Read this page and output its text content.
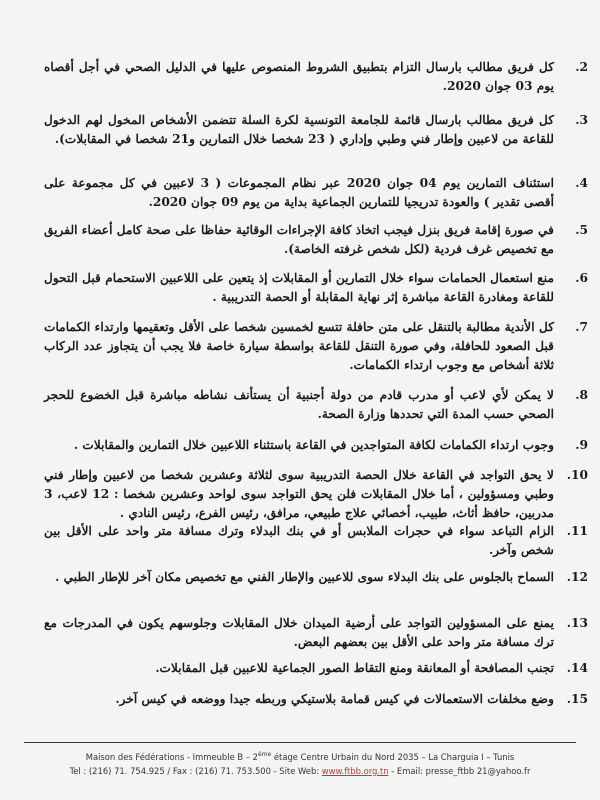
.2
كل فريق مطالب بارسال التزام بتطبيق الشروط المنصوص عليها في الدليل الصحي في أجل أقصاه يوم 03 جوان 2020.
.3
كل فريق مطالب بارسال قائمة للجامعة التونسية لكرة السلة تتضمن الأشخاص المخول لهم الدخول للقاعة من لاعبين وإطار فني وطبي وإداري ( 23 شخصا خلال التمارين و21 شخصا في المقابلات).
.4
استئناف التمارين يوم 04 جوان 2020 عبر نظام المجموعات ( 3 لاعبين في كل مجموعة على أقصى تقدير ) والعودة تدريجيا للتمارين الجماعية بداية من يوم 09 جوان 2020.
.5
في صورة إقامة فريق بنزل فيجب اتخاذ كافة الإجراءات الوقائية حفاظا على صحة كامل أعضاء الفريق مع تخصيص غرف فردية (لكل شخص غرفته الخاصة).
.6
منع استعمال الحمامات سواء خلال التمارين أو المقابلات إذ يتعين على اللاعبين الاستحمام قبل التحول للقاعة ومغادرة القاعة مباشرة إثر نهاية المقابلة أو الحصة التدريبية .
.7
كل الأندية مطالبة بالتنقل على متن حافلة تتسع لخمسين شخصا على الأقل وتعقيمها وارتداء الكمامات قبل الصعود للحافلة، وفي صورة التنقل للقاعة بواسطة سيارة خاصة فلا يجب أن يتجاوز عدد الركاب ثلاثة أشخاص مع وجوب ارتداء الكمامات.
.8
لا يمكن لأي لاعب أو مدرب قادم من دولة أجنبية أن يستأنف نشاطه مباشرة قبل الخضوع للحجر الصحي حسب المدة التي تحددها وزارة الصحة.
.9
وجوب ارتداء الكمامات لكافة المتواجدين في القاعة باستثناء اللاعبين خلال التمارين والمقابلات .
.10
لا يحق التواجد في القاعة خلال الحصة التدريبية سوى لثلاثة وعشرين شخصا من لاعبين وإطار فني وطبي ومسؤولين ، أما خلال المقابلات فلن يحق التواجد سوى لواحد وعشرين شخصا : 12 لاعب، 3 مدربين، حافظ أثاث، طبيب، أخصائي علاج طبيعي، مرافق، رئيس الفرع، رئيس النادي .
.11
الزام التباعد سواء في حجرات الملابس أو في بنك البدلاء وترك مسافة متر واحد على الأقل بين شخص وآخر.
.12
السماح بالجلوس على بنك البدلاء سوى للاعبين والإطار الفني مع تخصيص مكان آخر للإطار الطبي .
.13
يمنع على المسؤولين التواجد على أرضية الميدان خلال المقابلات وجلوسهم يكون في المدرجات مع ترك مسافة متر واحد على الأقل بين بعضهم البعض.
.14
تجنب المصافحة أو المعانقة ومنع التقاط الصور الجماعية للاعبين قبل المقابلات.
.15
وضع مخلفات الاستعمالات في كيس قمامة بلاستيكي وربطه جيدا ووضعه في كيس آخر.
Maison des Fédérations - Immeuble B – 2ème étage Centre Urbain du Nord 2035 – La Charguia I – Tunis
Tel : (216) 71. 754.925 / Fax : (216) 71. 753.500 - Site Web: www.ftbb.org.tn - Email: presse_ftbb 21@yahoo.fr
